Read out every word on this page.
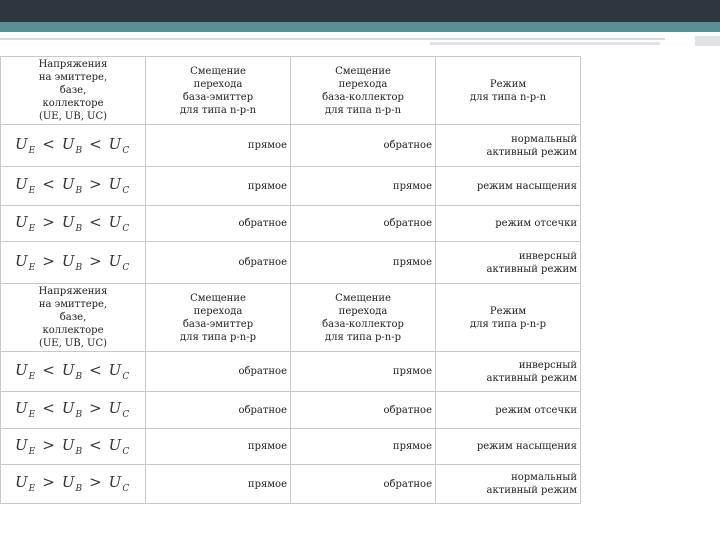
Напряжения
на эмиттере,
базе,
коллекторе
(UE, UB, UC)	Смещение
перехода
база-эмиттер
для типа n-p-n	Смещение
перехода
база-коллектор
для типа n-p-n	Режим
для типа n-p-n
$U_E < U_B < U_C$	прямое	обратное	нормальный
активный режим
$U_E < U_B > U_C$	прямое	прямое	режим насыщения
$U_E > U_B < U_C$	обратное	обратное	режим отсечки
$U_E > U_B > U_C$	обратное	прямое	инверсный
активный режим
Напряжения
на эмиттере,
базе,
коллекторе
(UE, UB, UC)	Смещение
перехода
база-эмиттер
для типа p-n-p	Смещение
перехода
база-коллектор
для типа p-n-p	Режим
для типа p-n-p
$U_E < U_B < U_C$	обратное	прямое	инверсный
активный режим
$U_E < U_B > U_C$	обратное	обратное	режим отсечки
$U_E > U_B < U_C$	прямое	прямое	режим насыщения
$U_E > U_B > U_C$	прямое	обратное	нормальный
активный режим
